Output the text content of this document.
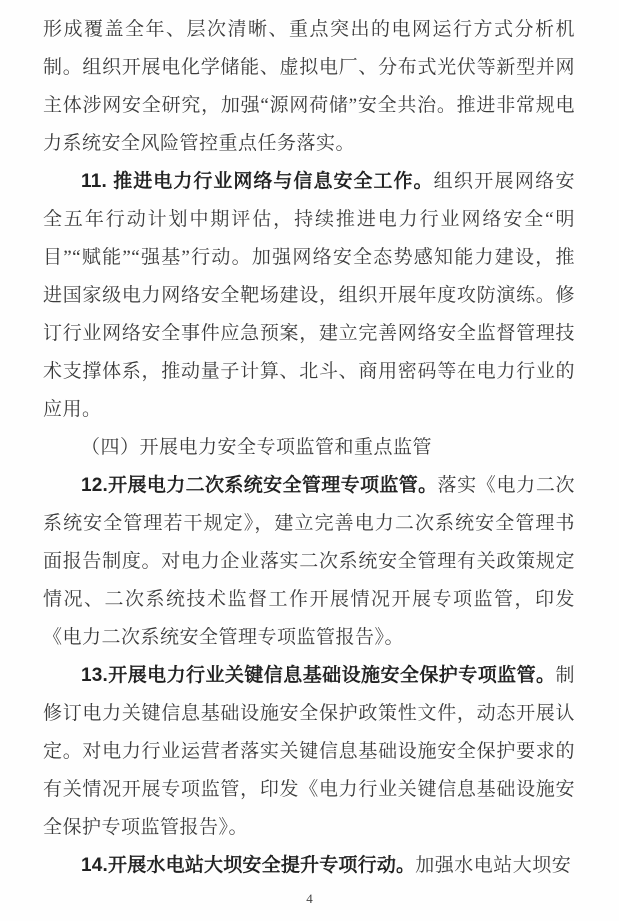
形成覆盖全年、层次清晰、重点突出的电网运行方式分析机制。组织开展电化学储能、虚拟电厂、分布式光伏等新型并网主体涉网安全研究，加强“源网荷储”安全共治。推进非常规电力系统安全风险管控重点任务落实。

11. 推进电力行业网络与信息安全工作。组织开展网络安全五年行动计划中期评估，持续推进电力行业网络安全“明目”“赋能”“强基”行动。加强网络安全态势感知能力建设，推进国家级电力网络安全靶场建设，组织开展年度攻防演练。修订行业网络安全事件应急预案，建立完善网络安全监督管理技术支撑体系，推动量子计算、北斗、商用密码等在电力行业的应用。

（四）开展电力安全专项监管和重点监管

12.开展电力二次系统安全管理专项监管。落实《电力二次系统安全管理若干规定》，建立完善电力二次系统安全管理书面报告制度。对电力企业落实二次系统安全管理有关政策规定情况、二次系统技术监督工作开展情况开展专项监管，印发《电力二次系统安全管理专项监管报告》。

13.开展电力行业关键信息基础设施安全保护专项监管。制修订电力关键信息基础设施安全保护政策性文件，动态开展认定。对电力行业运营者落实关键信息基础设施安全保护要求的有关情况开展专项监管，印发《电力行业关键信息基础设施安全保护专项监管报告》。

14.开展水电站大坝安全提升专项行动。加强水电站大坝安

4
